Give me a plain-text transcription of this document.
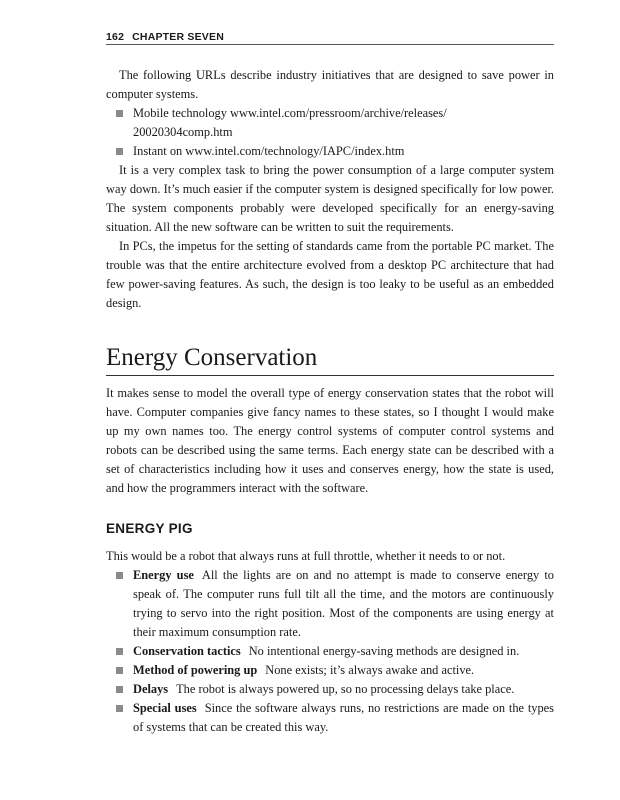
162 CHAPTER SEVEN

The following URLs describe industry initiatives that are designed to save power in computer systems.

Mobile technology www.intel.com/pressroom/archive/releases/
20020304comp.htm
Instant on www.intel.com/technology/IAPC/index.htm

It is a very complex task to bring the power consumption of a large computer system way down. It’s much easier if the computer system is designed specifically for low power. The system components probably were developed specifically for an energy-saving situation. All the new software can be written to suit the requirements.

In PCs, the impetus for the setting of standards came from the portable PC market. The trouble was that the entire architecture evolved from a desktop PC architecture that had few power-saving features. As such, the design is too leaky to be useful as an embedded design.

Energy Conservation

It makes sense to model the overall type of energy conservation states that the robot will have. Computer companies give fancy names to these states, so I thought I would make up my own names too. The energy control systems of computer control systems and robots can be described using the same terms. Each energy state can be described with a set of characteristics including how it uses and conserves energy, how the state is used, and how the programmers interact with the software.

ENERGY PIG

This would be a robot that always runs at full throttle, whether it needs to or not.

Energy use All the lights are on and no attempt is made to conserve energy to speak of. The computer runs full tilt all the time, and the motors are continuously trying to servo into the right position. Most of the components are using energy at their maximum consumption rate.
Conservation tactics No intentional energy-saving methods are designed in.
Method of powering up None exists; it’s always awake and active.
Delays The robot is always powered up, so no processing delays take place.
Special uses Since the software always runs, no restrictions are made on the types of systems that can be created this way.
